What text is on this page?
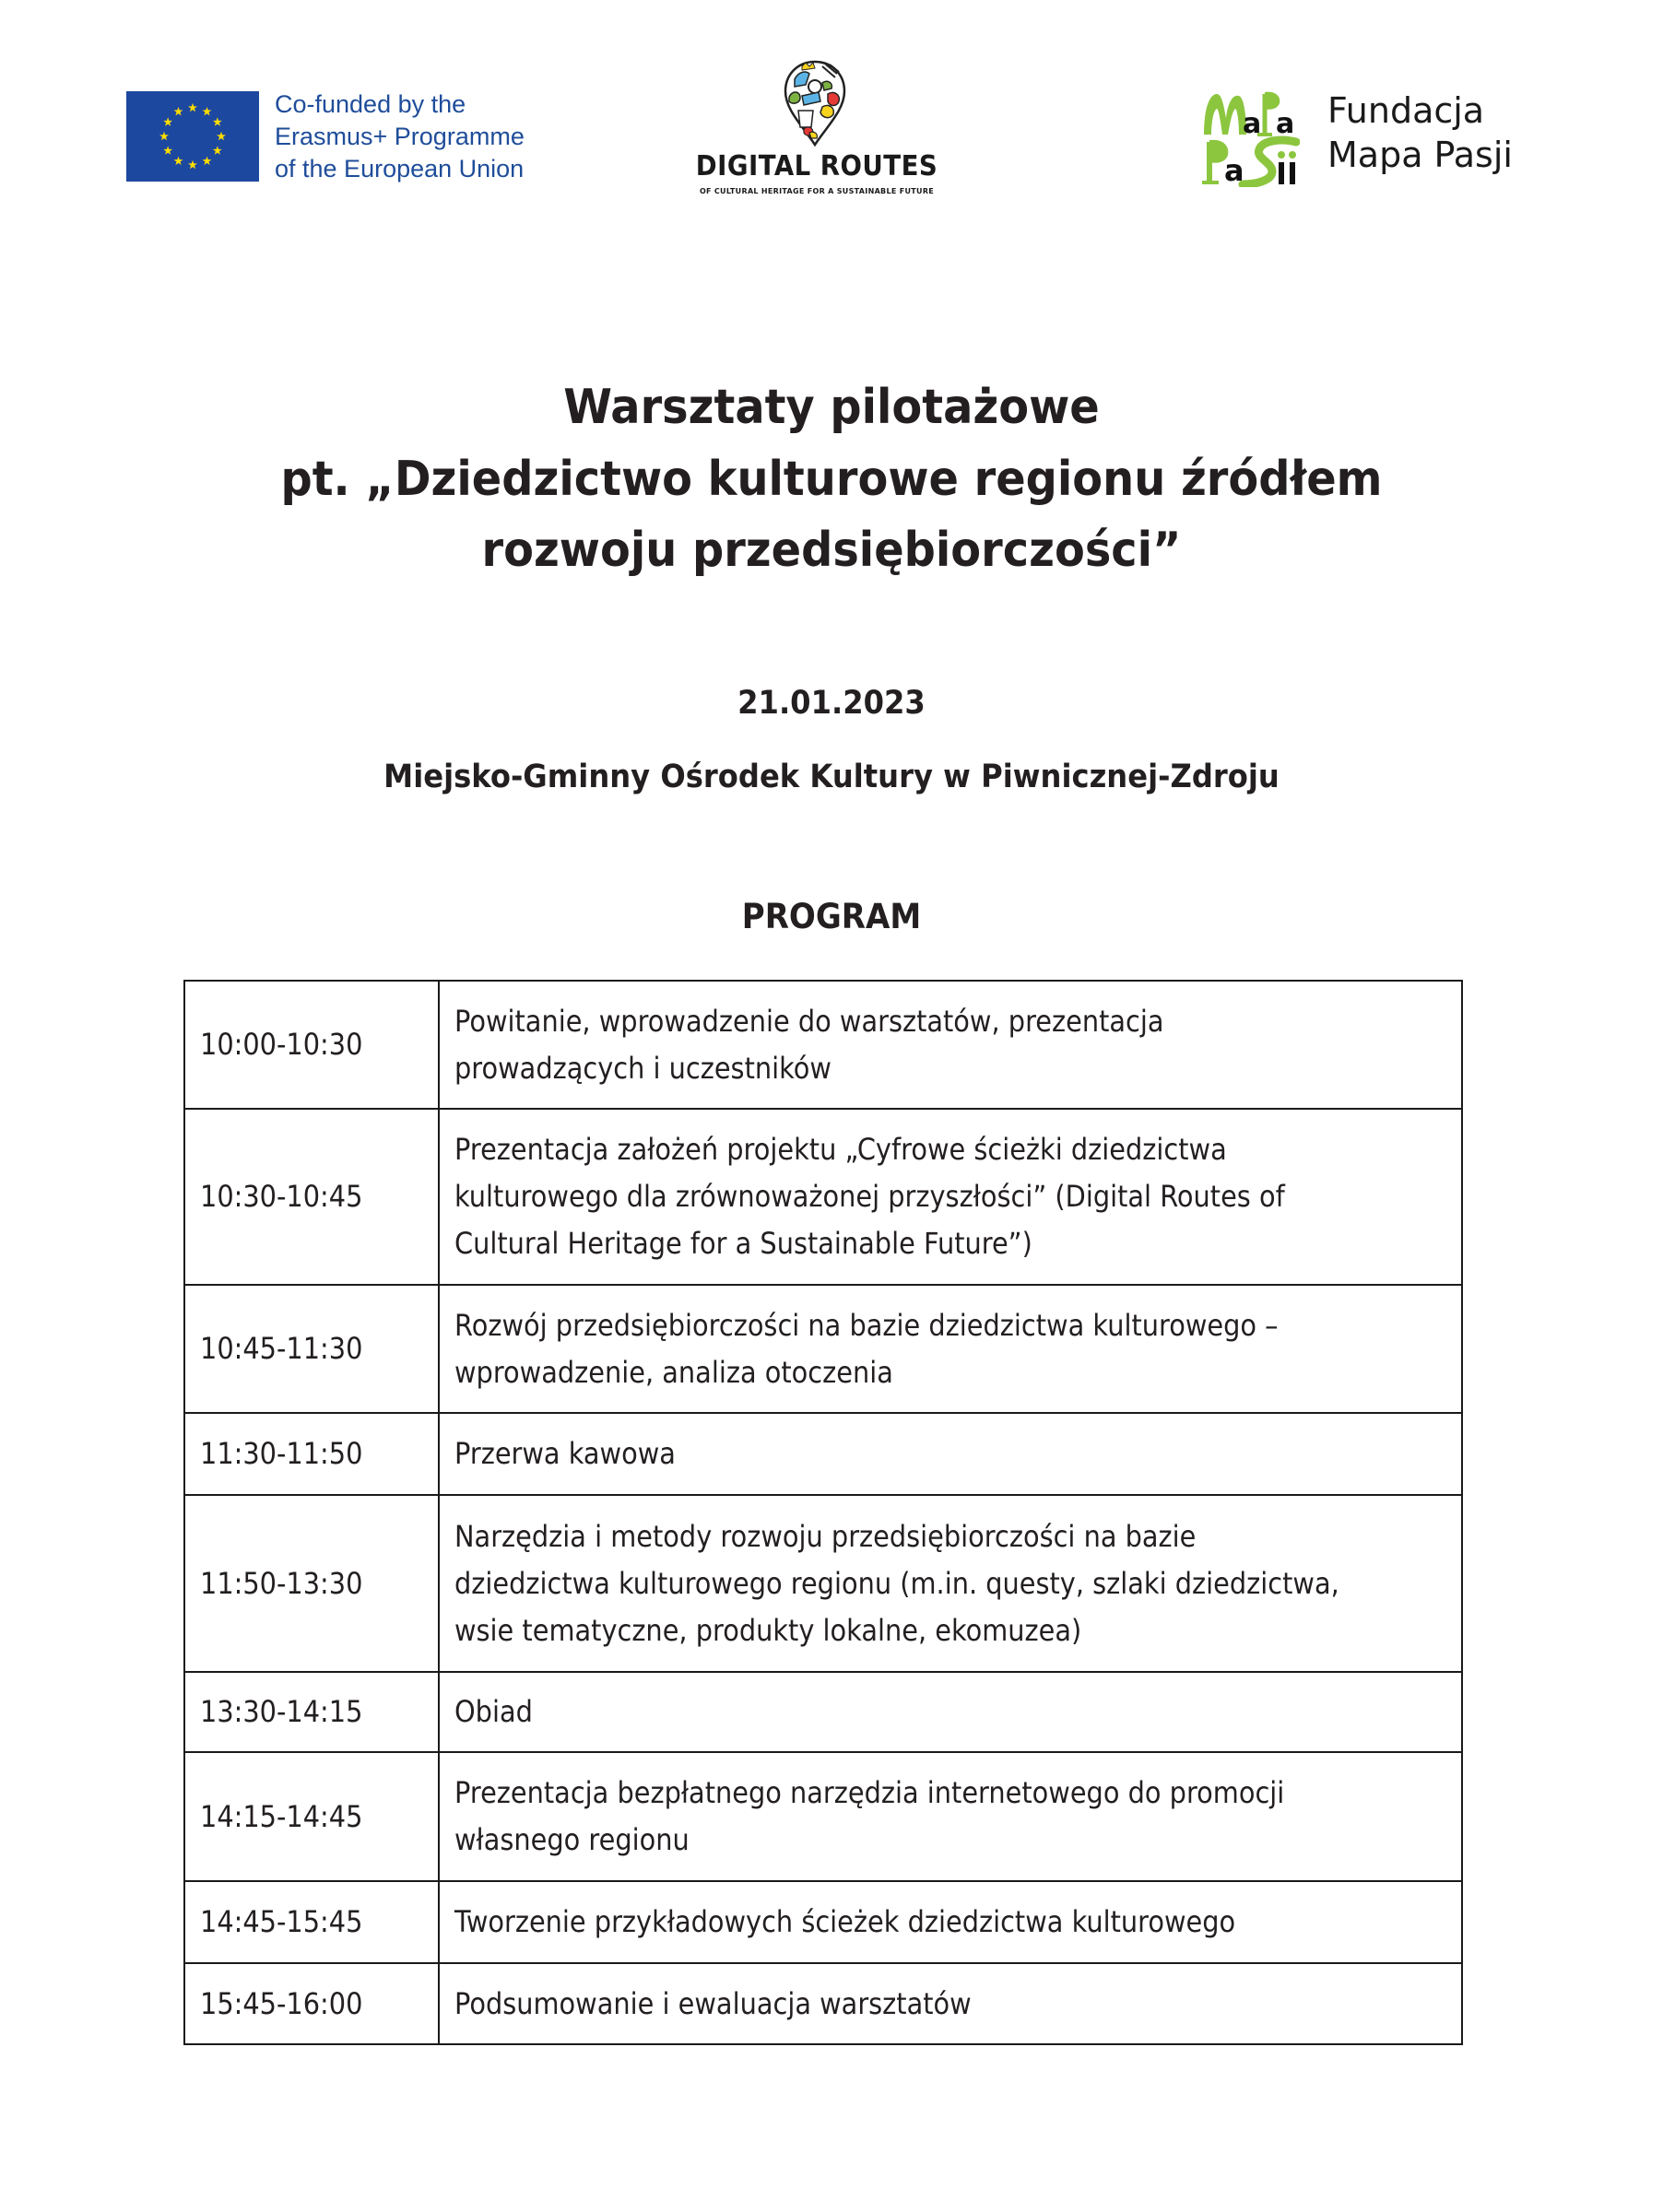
Co-funded by the
Erasmus+ Programme
of the European Union	DIGITAL ROUTES
OF CULTURAL HERITAGE FOR A SUSTAINABLE FUTURE
a a
a
Fundacja
Mapa Pasji
Warsztaty pilotażowe
pt. „Dziedzictwo kulturowe regionu źródłem
rozwoju przedsiębiorczości”
21.01.2023
Miejsko-Gminny Ośrodek Kultury w Piwnicznej-Zdroju
PROGRAM
10:00-10:30	Powitanie, wprowadzenie do warsztatów, prezentacja
prowadzących i uczestników

10:30-10:45	Prezentacja założeń projektu „Cyfrowe ścieżki dziedzictwa
kulturowego dla zrównoważonej przyszłości” (Digital Routes of
Cultural Heritage for a Sustainable Future”)

10:45-11:30	Rozwój przedsiębiorczości na bazie dziedzictwa kulturowego –
wprowadzenie, analiza otoczenia

11:30-11:50	Przerwa kawowa

11:50-13:30	Narzędzia i metody rozwoju przedsiębiorczości na bazie
dziedzictwa kulturowego regionu (m.in. questy, szlaki dziedzictwa,
wsie tematyczne, produkty lokalne, ekomuzea)

13:30-14:15	Obiad

14:15-14:45	Prezentacja bezpłatnego narzędzia internetowego do promocji
własnego regionu

14:45-15:45	Tworzenie przykładowych ścieżek dziedzictwa kulturowego

15:45-16:00	Podsumowanie i ewaluacja warsztatów
